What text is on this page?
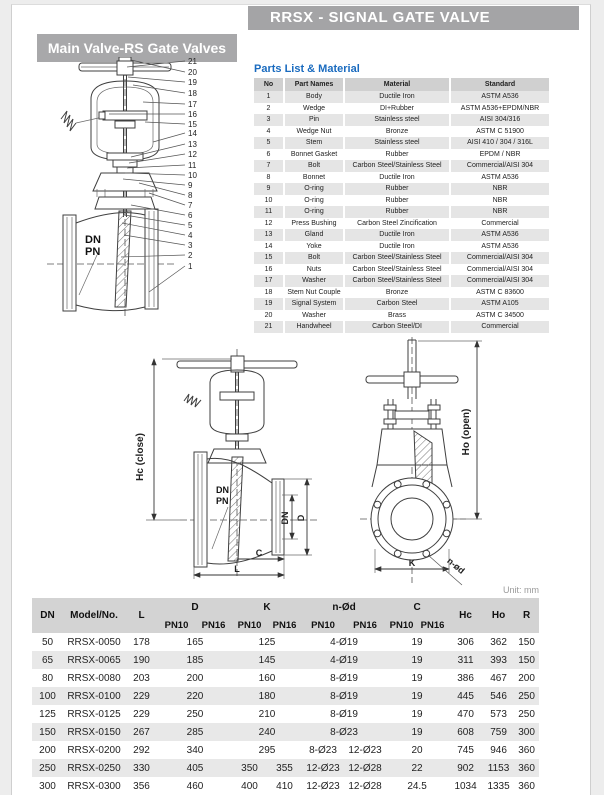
RRSX - SIGNAL GATE VALVE
Main Valve-RS Gate Valves
DN
PN
21
20
19
18
17
16
15
14
13
12
11
10
9
8
7
6
5
4
3
2
1
Parts List & Material
No	Part Names	Material	Standard
1	Body	Ductile Iron	ASTM A536
2	Wedge	DI+Rubber	ASTM A536+EPDM/NBR
3	Pin	Stainless steel	AISI 304/316
4	Wedge Nut	Bronze	ASTM C 51900
5	Stem	Stainless steel	AISI 410 / 304 / 316L
6	Bonnet Gasket	Rubber	EPDM / NBR
7	Bolt	Carbon Steel/Stainless Steel	Commercial/AISI 304
8	Bonnet	Ductile Iron	ASTM A536
9	O-ring	Rubber	NBR
10	O-ring	Rubber	NBR
11	O-ring	Rubber	NBR
12	Press Bushing	Carbon Steel Zincification	Commercial
13	Gland	Ductile Iron	ASTM A536
14	Yoke	Ductile Iron	ASTM A536
15	Bolt	Carbon Steel/Stainless Steel	Commercial/AISI 304
16	Nuts	Carbon Steel/Stainless Steel	Commercial/AISI 304
17	Washer	Carbon Steel/Stainless Steel	Commercial/AISI 304
18	Stem Nut Couple	Bronze	ASTM C 83600
19	Signal System	Carbon Steel	ASTM A105
20	Washer	Brass	ASTM C 34500
21	Handwheel	Carbon Steel/DI	Commercial
DN
PN
Hc (close)
DN D
C
L
Ho (open)
K	n-ød
Unit: mm
DN	Model/No.	L	D		K		n-Ød		C		Hc	Ho	R
			PN10	PN16	PN10	PN16	PN10	PN16	PN10	PN16			
50	RRSX-0050	178	165		125		4-Ø19		19		306	362	150
65	RRSX-0065	190	185		145		4-Ø19		19		311	393	150
80	RRSX-0080	203	200		160		8-Ø19		19		386	467	200
100	RRSX-0100	229	220		180		8-Ø19		19		445	546	250
125	RRSX-0125	229	250		210		8-Ø19		19		470	573	250
150	RRSX-0150	267	285		240		8-Ø23		19		608	759	300
200	RRSX-0200	292	340		295		8-Ø23	12-Ø23	20		745	946	360
250	RRSX-0250	330	405		350	355	12-Ø23	12-Ø28	22		902	1153	360
300	RRSX-0300	356	460		400	410	12-Ø23	12-Ø28	24.5		1034	1335	360
